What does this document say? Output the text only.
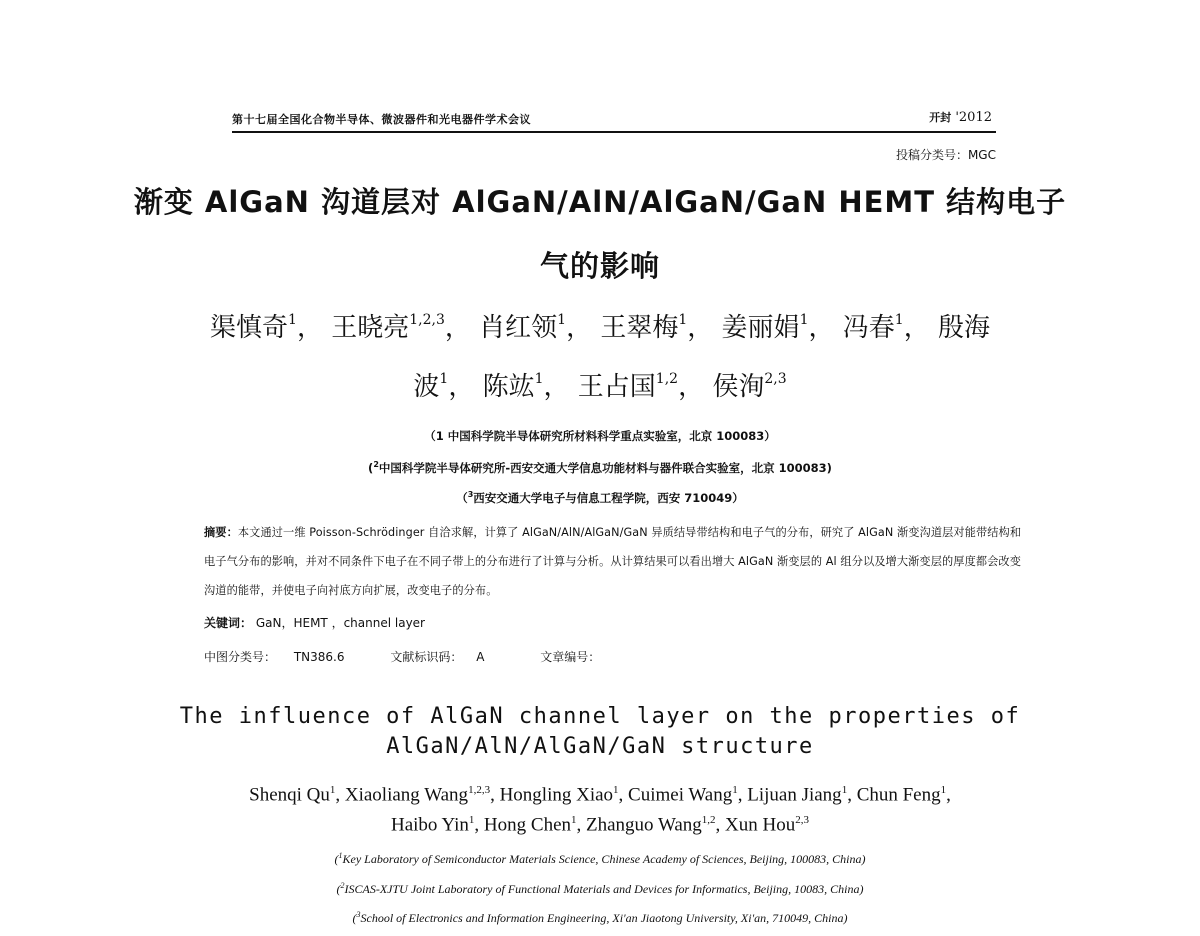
第十七届全国化合物半导体、微波器件和光电器件学术会议	开封 '2012
投稿分类号：MGC
渐变 AlGaN 沟道层对 AlGaN/AlN/AlGaN/GaN HEMT 结构电子
气的影响
渠慎奇$^1$， 王晓亮$^{1,2,3}$， 肖红领$^1$， 王翠梅$^1$， 姜丽娟$^1$， 冯春$^1$， 殷海
波$^1$， 陈竑$^1$， 王占国$^{1,2}$， 侯洵$^{2,3}$
（1 中国科学院半导体研究所材料科学重点实验室，北京 100083）
($^2$中国科学院半导体研究所-西安交通大学信息功能材料与器件联合实验室，北京 100083)
（$^3$西安交通大学电子与信息工程学院，西安 710049）
摘要：本文通过一维 Poisson-Schrödinger 自洽求解，计算了 AlGaN/AlN/AlGaN/GaN 异质结导带结构和电子气的分布，研究了 AlGaN 渐变沟道层对能带结构和电子气分布的影响，并对不同条件下电子在不同子带上的分布进行了计算与分析。从计算结果可以看出增大 AlGaN 渐变层的 Al 组分以及增大渐变层的厚度都会改变沟道的能带，并使电子向衬底方向扩展，改变电子的分布。
关键词： GaN，HEMT ，channel layer
中图分类号： TN386.6	文献标识码： A	文章编号：
The influence of AlGaN channel layer on the properties of
AlGaN/AlN/AlGaN/GaN structure
Shenqi Qu$^1$, Xiaoliang Wang$^{1,2,3}$, Hongling Xiao$^1$, Cuimei Wang$^1$, Lijuan Jiang$^1$, Chun Feng$^1$,
Haibo Yin$^1$, Hong Chen$^1$, Zhanguo Wang$^{1,2}$, Xun Hou$^{2,3}$
($^1$Key Laboratory of Semiconductor Materials Science, Chinese Academy of Sciences, Beijing, 100083, China)
($^2$ISCAS-XJTU Joint Laboratory of Functional Materials and Devices for Informatics, Beijing, 10083, China)
($^3$School of Electronics and Information Engineering, Xi'an Jiaotong University, Xi'an, 710049, China)
